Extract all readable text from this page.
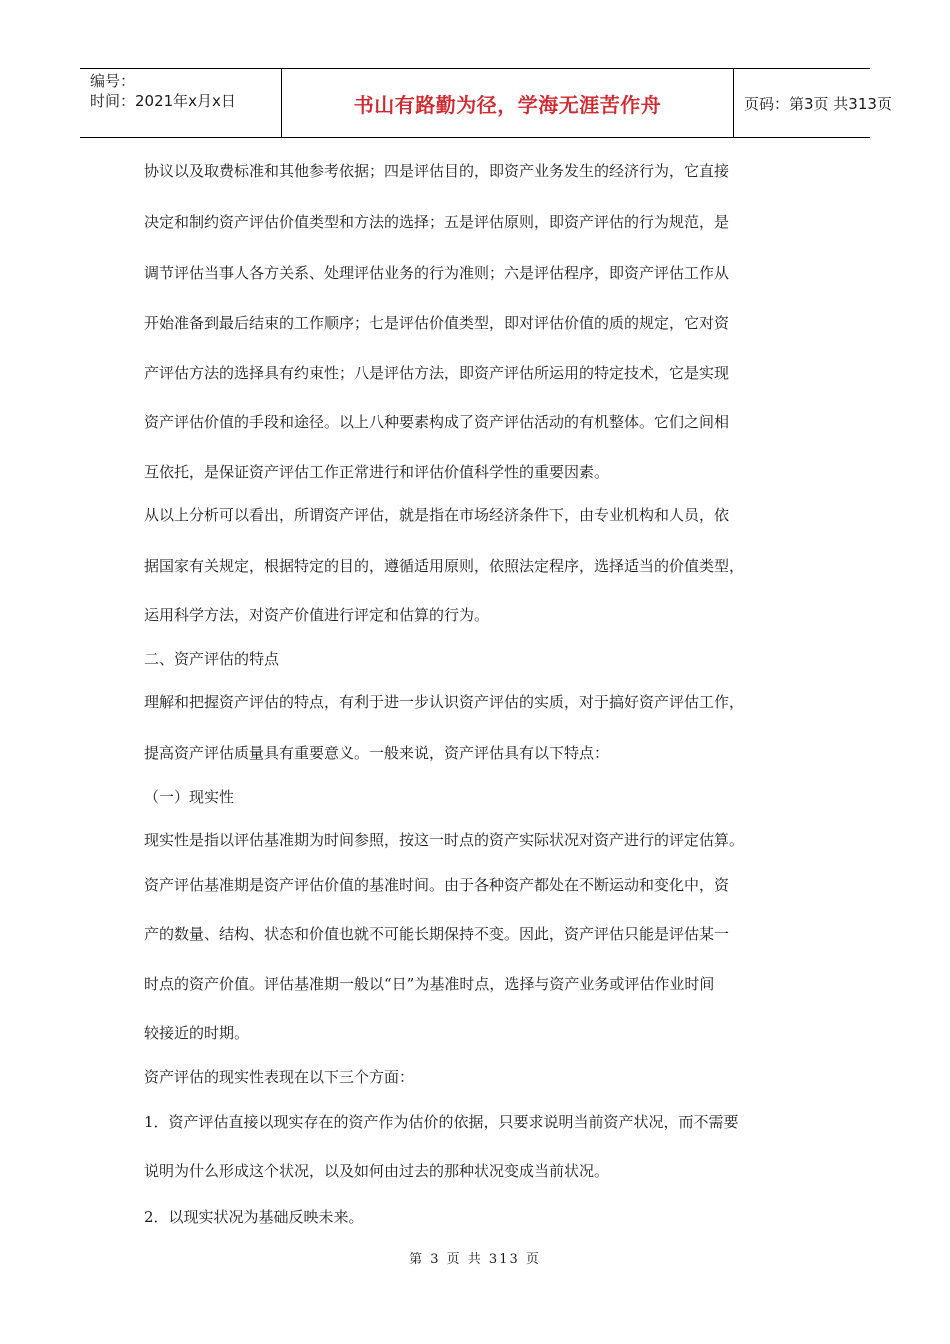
编号：
时间：2021年x月x日	书山有路勤为径，学海无涯苦作舟	页码：第3页 共313页
协议以及取费标准和其他参考依据；四是评估目的，即资产业务发生的经济行为，它直接
决定和制约资产评估价值类型和方法的选择；五是评估原则，即资产评估的行为规范，是
调节评估当事人各方关系、处理评估业务的行为准则；六是评估程序，即资产评估工作从
开始准备到最后结束的工作顺序；七是评估价值类型，即对评估价值的质的规定，它对资
产评估方法的选择具有约束性；八是评估方法，即资产评估所运用的特定技术，它是实现
资产评估价值的手段和途径。以上八种要素构成了资产评估活动的有机整体。它们之间相
互依托，是保证资产评估工作正常进行和评估价值科学性的重要因素。
从以上分析可以看出，所谓资产评估，就是指在市场经济条件下，由专业机构和人员，依
据国家有关规定，根据特定的目的，遵循适用原则，依照法定程序，选择适当的价值类型，
运用科学方法，对资产价值进行评定和估算的行为。
二、资产评估的特点
理解和把握资产评估的特点，有利于进一步认识资产评估的实质，对于搞好资产评估工作，
提高资产评估质量具有重要意义。一般来说，资产评估具有以下特点：
（一）现实性
现实性是指以评估基准期为时间参照，按这一时点的资产实际状况对资产进行的评定估算。
资产评估基准期是资产评估价值的基准时间。由于各种资产都处在不断运动和变化中，资
产的数量、结构、状态和价值也就不可能长期保持不变。因此，资产评估只能是评估某一
时点的资产价值。评估基准期一般以“日”为基准时点，选择与资产业务或评估作业时间
较接近的时期。
资产评估的现实性表现在以下三个方面：
1．资产评估直接以现实存在的资产作为估价的依据，只要求说明当前资产状况，而不需要
说明为什么形成这个状况，以及如何由过去的那种状况变成当前状况。
2．以现实状况为基础反映未来。
第 3 页 共 313 页
